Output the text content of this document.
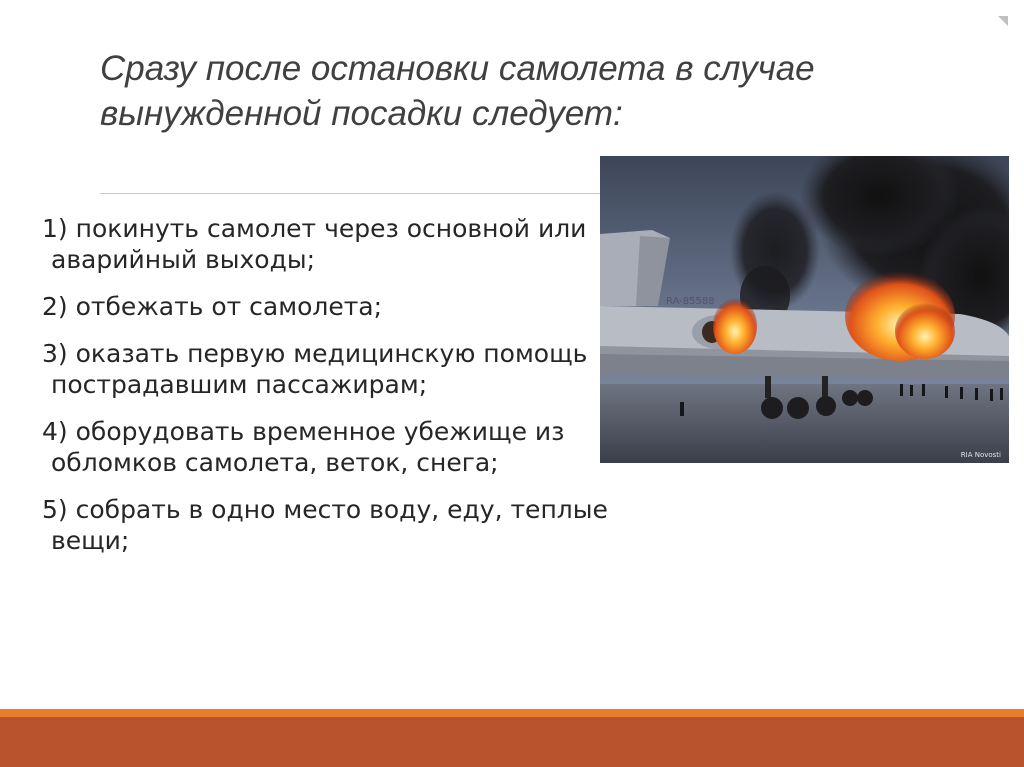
Сразу после остановки самолета в случае вынужденной посадки следует:
1) покинуть самолет через основной или аварийный выходы;
2) отбежать от самолета;
3) оказать первую медицинскую помощь пострадавшим пассажирам;
4) оборудовать временное убежище из обломков самолета, веток, снега;
5) собрать в одно место воду, еду, теплые вещи;
RA-85588
RIA Novosti
